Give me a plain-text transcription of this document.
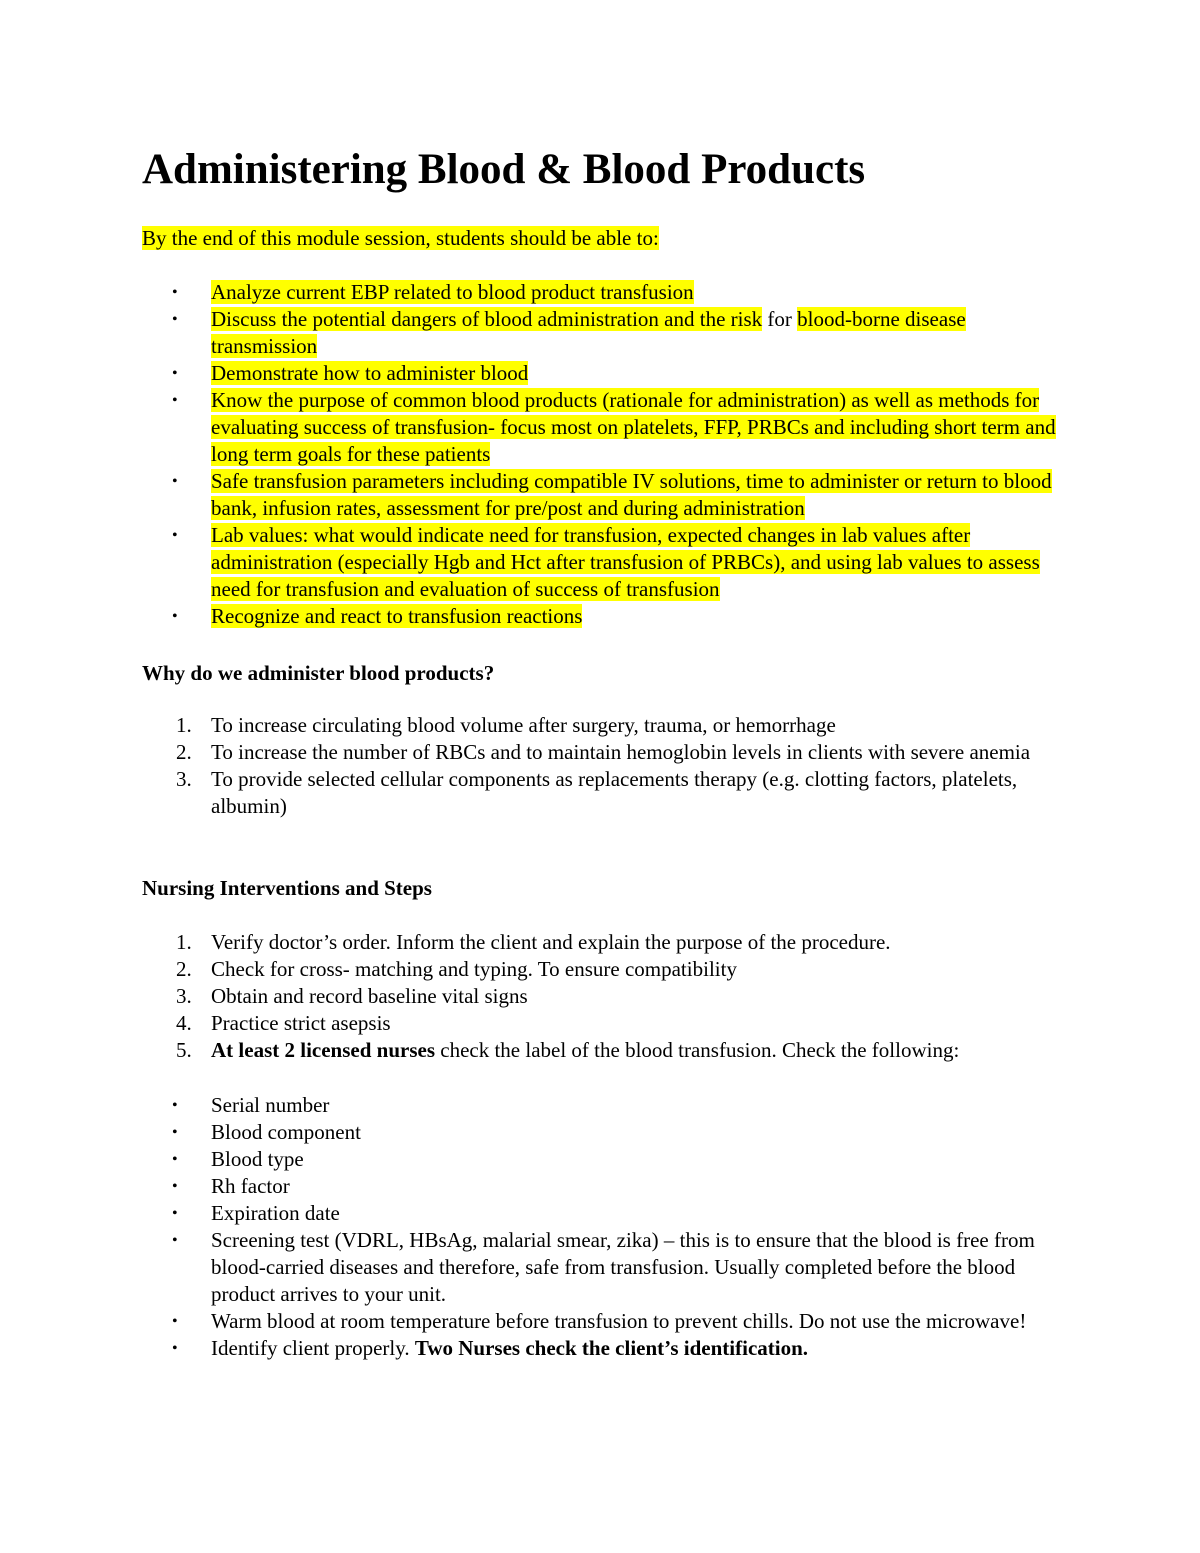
Administering Blood & Blood Products

By the end of this module session, students should be able to:

• Analyze current EBP related to blood product transfusion
• Discuss the potential dangers of blood administration and the risk for blood-borne disease transmission
• Demonstrate how to administer blood
• Know the purpose of common blood products (rationale for administration) as well as methods for evaluating success of transfusion- focus most on platelets, FFP, PRBCs and including short term and long term goals for these patients
• Safe transfusion parameters including compatible IV solutions, time to administer or return to blood bank, infusion rates, assessment for pre/post and during administration
• Lab values: what would indicate need for transfusion, expected changes in lab values after administration (especially Hgb and Hct after transfusion of PRBCs), and using lab values to assess need for transfusion and evaluation of success of transfusion
• Recognize and react to transfusion reactions
Why do we administer blood products?
1. To increase circulating blood volume after surgery, trauma, or hemorrhage
2. To increase the number of RBCs and to maintain hemoglobin levels in clients with severe anemia
3. To provide selected cellular components as replacements therapy (e.g. clotting factors, platelets, albumin)
Nursing Interventions and Steps
1. Verify doctor’s order. Inform the client and explain the purpose of the procedure.
2. Check for cross- matching and typing. To ensure compatibility
3. Obtain and record baseline vital signs
4. Practice strict asepsis
5. At least 2 licensed nurses check the label of the blood transfusion. Check the following:
• Serial number
• Blood component
• Blood type
• Rh factor
• Expiration date
• Screening test (VDRL, HBsAg, malarial smear, zika) – this is to ensure that the blood is free from blood-carried diseases and therefore, safe from transfusion. Usually completed before the blood product arrives to your unit.
• Warm blood at room temperature before transfusion to prevent chills. Do not use the microwave!
• Identify client properly. Two Nurses check the client’s identification.
